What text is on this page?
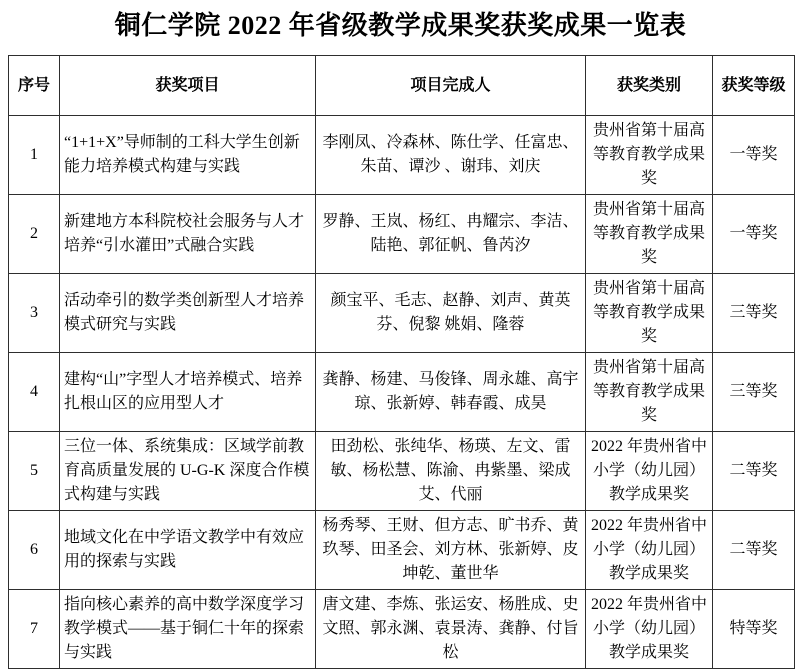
铜仁学院 2022 年省级教学成果奖获奖成果一览表
序号	获奖项目	项目完成人	获奖类别	获奖等级
1	“1+1+X”导师制的工科大学生创新能力培养模式构建与实践	李刚凤、冷森林、陈仕学、任富忠、朱苗、谭沙 、谢玮、刘庆	贵州省第十届高等教育教学成果奖	一等奖
2	新建地方本科院校社会服务与人才培养“引水灌田”式融合实践	罗静、王岚、杨红、冉耀宗、李洁、陆艳、郭征帆、鲁芮汐	贵州省第十届高等教育教学成果奖	一等奖
3	活动牵引的数学类创新型人才培养模式研究与实践	颜宝平、毛志、赵静、刘声、黄英芬、倪黎 姚娟、隆蓉	贵州省第十届高等教育教学成果奖	三等奖
4	建构“山”字型人才培养模式、培养扎根山区的应用型人才	龚静、杨建、马俊锋、周永雄、高宇琼、张新婷、韩春霞、成昊	贵州省第十届高等教育教学成果奖	三等奖
5	三位一体、系统集成：区域学前教育高质量发展的 U-G-K 深度合作模式构建与实践	田劲松、张纯华、杨瑛、左文、雷敏、杨松慧、陈渝、冉紫墨、梁成艾、代丽	2022 年贵州省中小学（幼儿园）教学成果奖	二等奖
6	地域文化在中学语文教学中有效应用的探索与实践	杨秀琴、王财、但方志、旷书乔、黄玖琴、田圣会、刘方林、张新婷、皮坤乾、董世华	2022 年贵州省中小学（幼儿园）教学成果奖	二等奖
7	指向核心素养的高中数学深度学习教学模式——基于铜仁十年的探索与实践	唐文建、李炼、张运安、杨胜成、史文照、郭永渊、袁景涛、龚静、付旨松	2022 年贵州省中小学（幼儿园）教学成果奖	特等奖
